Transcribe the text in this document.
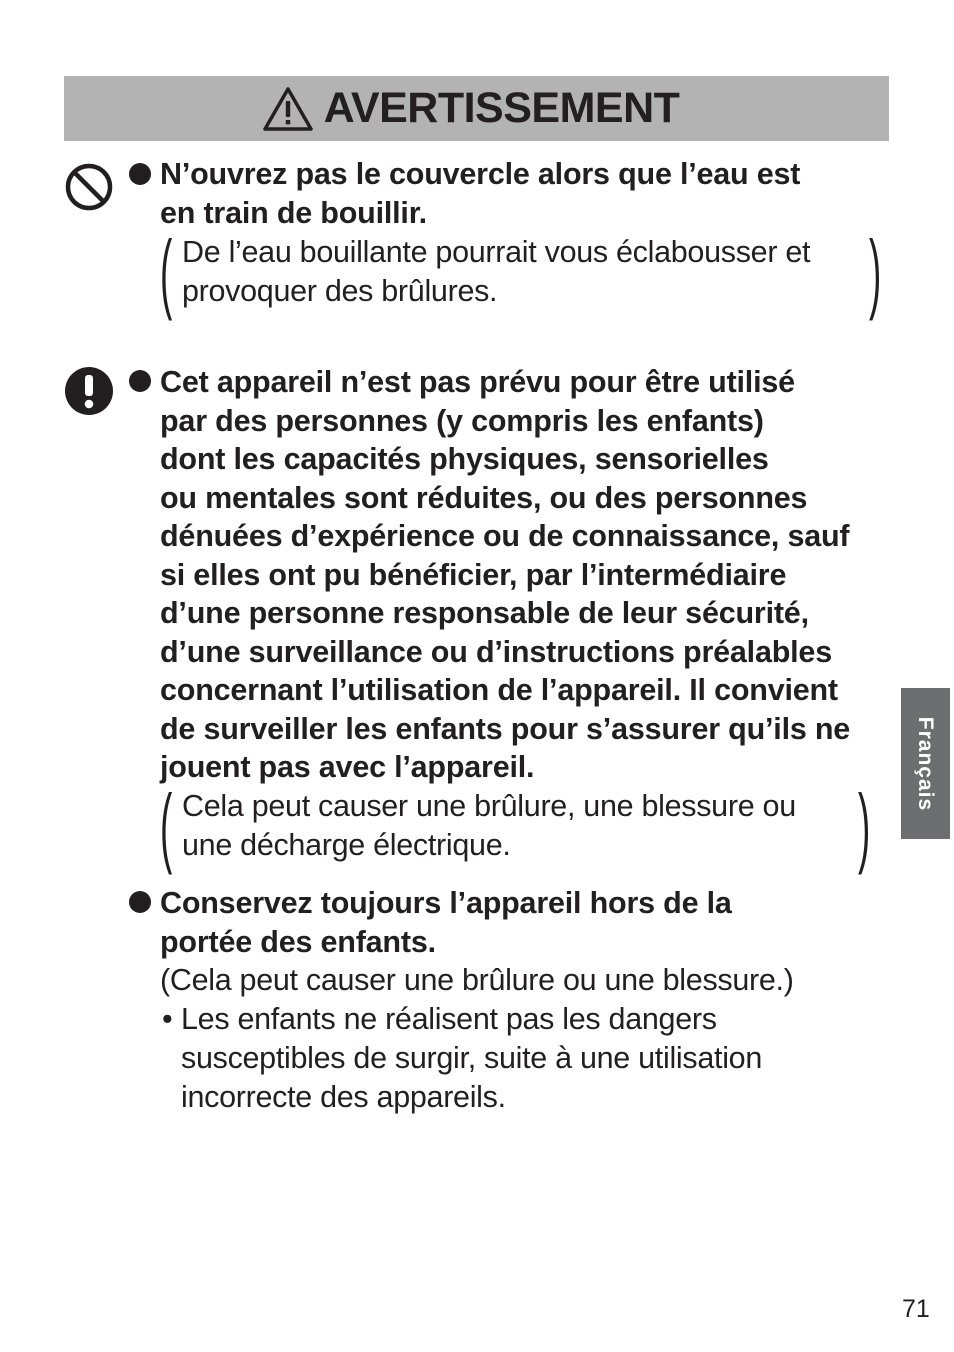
AVERTISSEMENT

N’ouvrez pas le couvercle alors que l’eau est
en train de bouillir.

( De l’eau bouillante pourrait vous éclabousser et
provoquer des brûlures.	)

Cet appareil n’est pas prévu pour être utilisé
par des personnes (y compris les enfants)
dont les capacités physiques, sensorielles
ou mentales sont réduites, ou des personnes
dénuées d’expérience ou de connaissance, sauf
si elles ont pu bénéficier, par l’intermédiaire
d’une personne responsable de leur sécurité,
d’une surveillance ou d’instructions préalables
concernant l’utilisation de l’appareil. Il convient
de surveiller les enfants pour s’assurer qu’ils ne
jouent pas avec l’appareil.

( Cela peut causer une brûlure, une blessure ou
une décharge électrique.	)

Conservez toujours l’appareil hors de la
portée des enfants.

(Cela peut causer une brûlure ou une blessure.)

• Les enfants ne réalisent pas les dangers
susceptibles de surgir, suite à une utilisation
incorrecte des appareils.

Français
71
